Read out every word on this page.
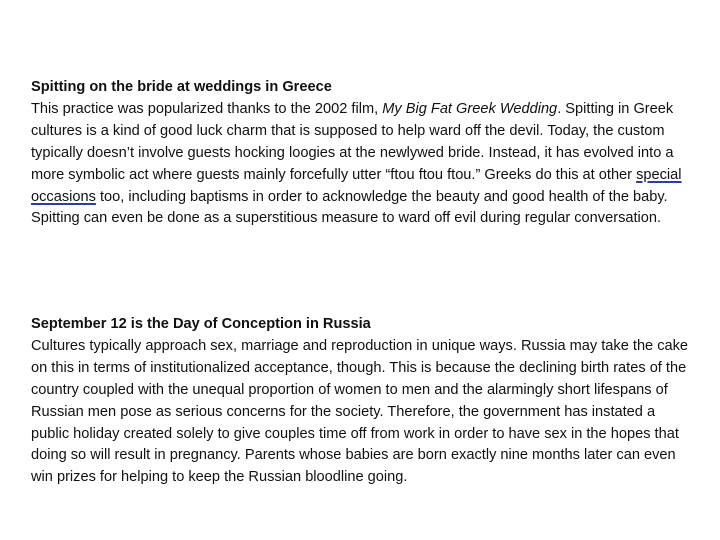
Spitting on the bride at weddings in Greece
This practice was popularized thanks to the 2002 film, My Big Fat Greek Wedding. Spitting in Greek cultures is a kind of good luck charm that is supposed to help ward off the devil. Today, the custom typically doesn’t involve guests hocking loogies at the newlywed bride. Instead, it has evolved into a more symbolic act where guests mainly forcefully utter “ftou ftou ftou.” Greeks do this at other special occasions too, including baptisms in order to acknowledge the beauty and good health of the baby. Spitting can even be done as a superstitious measure to ward off evil during regular conversation.
September 12 is the Day of Conception in Russia
Cultures typically approach sex, marriage and reproduction in unique ways. Russia may take the cake on this in terms of institutionalized acceptance, though. This is because the declining birth rates of the country coupled with the unequal proportion of women to men and the alarmingly short lifespans of Russian men pose as serious concerns for the society. Therefore, the government has instated a public holiday created solely to give couples time off from work in order to have sex in the hopes that doing so will result in pregnancy. Parents whose babies are born exactly nine months later can even win prizes for helping to keep the Russian bloodline going.
